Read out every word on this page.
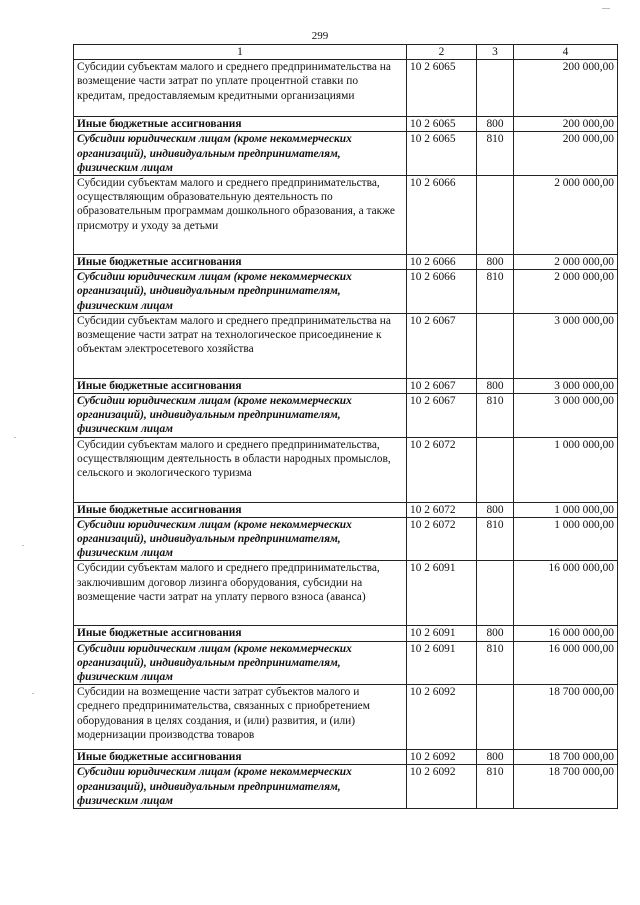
299
1	2	3	4
Субсидии субъектам малого и среднего предпринимательства на возмещение части затрат по уплате процентной ставки по кредитам, предоставляемым кредитными организациями	10 2 6065		200 000,00
Иные бюджетные ассигнования	10 2 6065	800	200 000,00
Субсидии юридическим лицам (кроме некоммерческих организаций), индивидуальным предпринимателям, физическим лицам	10 2 6065	810	200 000,00
Субсидии субъектам малого и среднего предпринимательства, осуществляющим образовательную деятельность по образовательным программам дошкольного образования, а также присмотру и уходу за детьми	10 2 6066		2 000 000,00
Иные бюджетные ассигнования	10 2 6066	800	2 000 000,00
Субсидии юридическим лицам (кроме некоммерческих организаций), индивидуальным предпринимателям, физическим лицам	10 2 6066	810	2 000 000,00
Субсидии субъектам малого и среднего предпринимательства на возмещение части затрат на технологическое присоединение к объектам электросетевого хозяйства	10 2 6067		3 000 000,00
Иные бюджетные ассигнования	10 2 6067	800	3 000 000,00
Субсидии юридическим лицам (кроме некоммерческих организаций), индивидуальным предпринимателям, физическим лицам	10 2 6067	810	3 000 000,00
Субсидии субъектам малого и среднего предпринимательства, осуществляющим деятельность в области народных промыслов, сельского и экологического туризма	10 2 6072		1 000 000,00
Иные бюджетные ассигнования	10 2 6072	800	1 000 000,00
Субсидии юридическим лицам (кроме некоммерческих организаций), индивидуальным предпринимателям, физическим лицам	10 2 6072	810	1 000 000,00
Субсидии субъектам малого и среднего предпринимательства, заключившим договор лизинга оборудования, субсидии на возмещение части затрат на уплату первого взноса (аванса)	10 2 6091		16 000 000,00
Иные бюджетные ассигнования	10 2 6091	800	16 000 000,00
Субсидии юридическим лицам (кроме некоммерческих организаций), индивидуальным предпринимателям, физическим лицам	10 2 6091	810	16 000 000,00
Субсидии на возмещение части затрат субъектов малого и среднего предпринимательства, связанных с приобретением оборудования в целях создания, и (или) развития, и (или) модернизации производства товаров	10 2 6092		18 700 000,00
Иные бюджетные ассигнования	10 2 6092	800	18 700 000,00
Субсидии юридическим лицам (кроме некоммерческих организаций), индивидуальным предпринимателям, физическим лицам	10 2 6092	810	18 700 000,00
